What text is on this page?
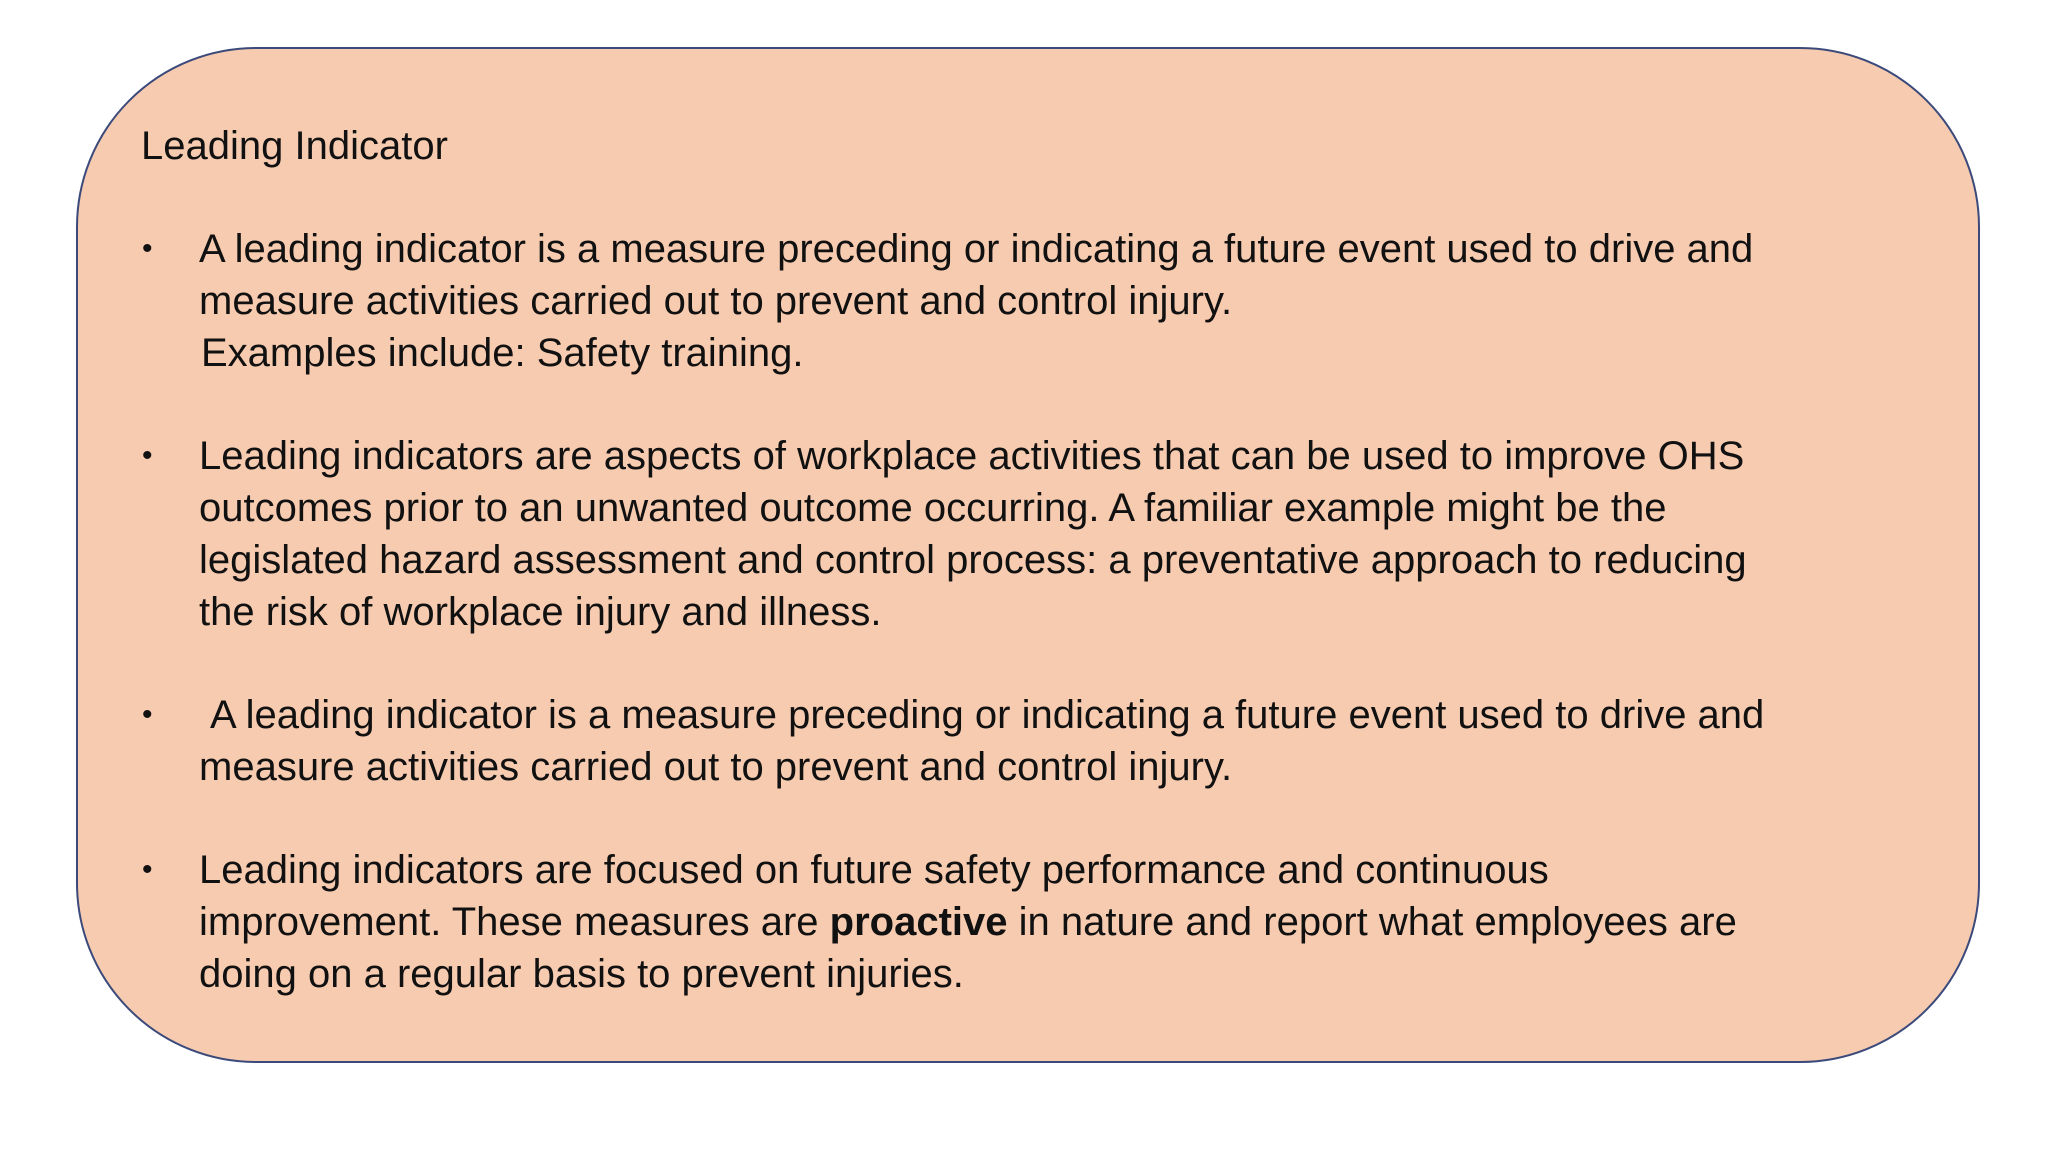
Leading Indicator
• A leading indicator is a measure preceding or indicating a future event used to drive and
measure activities carried out to prevent and control injury.
Examples include: Safety training.
• Leading indicators are aspects of workplace activities that can be used to improve OHS
outcomes prior to an unwanted outcome occurring. A familiar example might be the
legislated hazard assessment and control process: a preventative approach to reducing
the risk of workplace injury and illness.
• A leading indicator is a measure preceding or indicating a future event used to drive and
measure activities carried out to prevent and control injury.
• Leading indicators are focused on future safety performance and continuous
improvement. These measures are proactive in nature and report what employees are
doing on a regular basis to prevent injuries.
